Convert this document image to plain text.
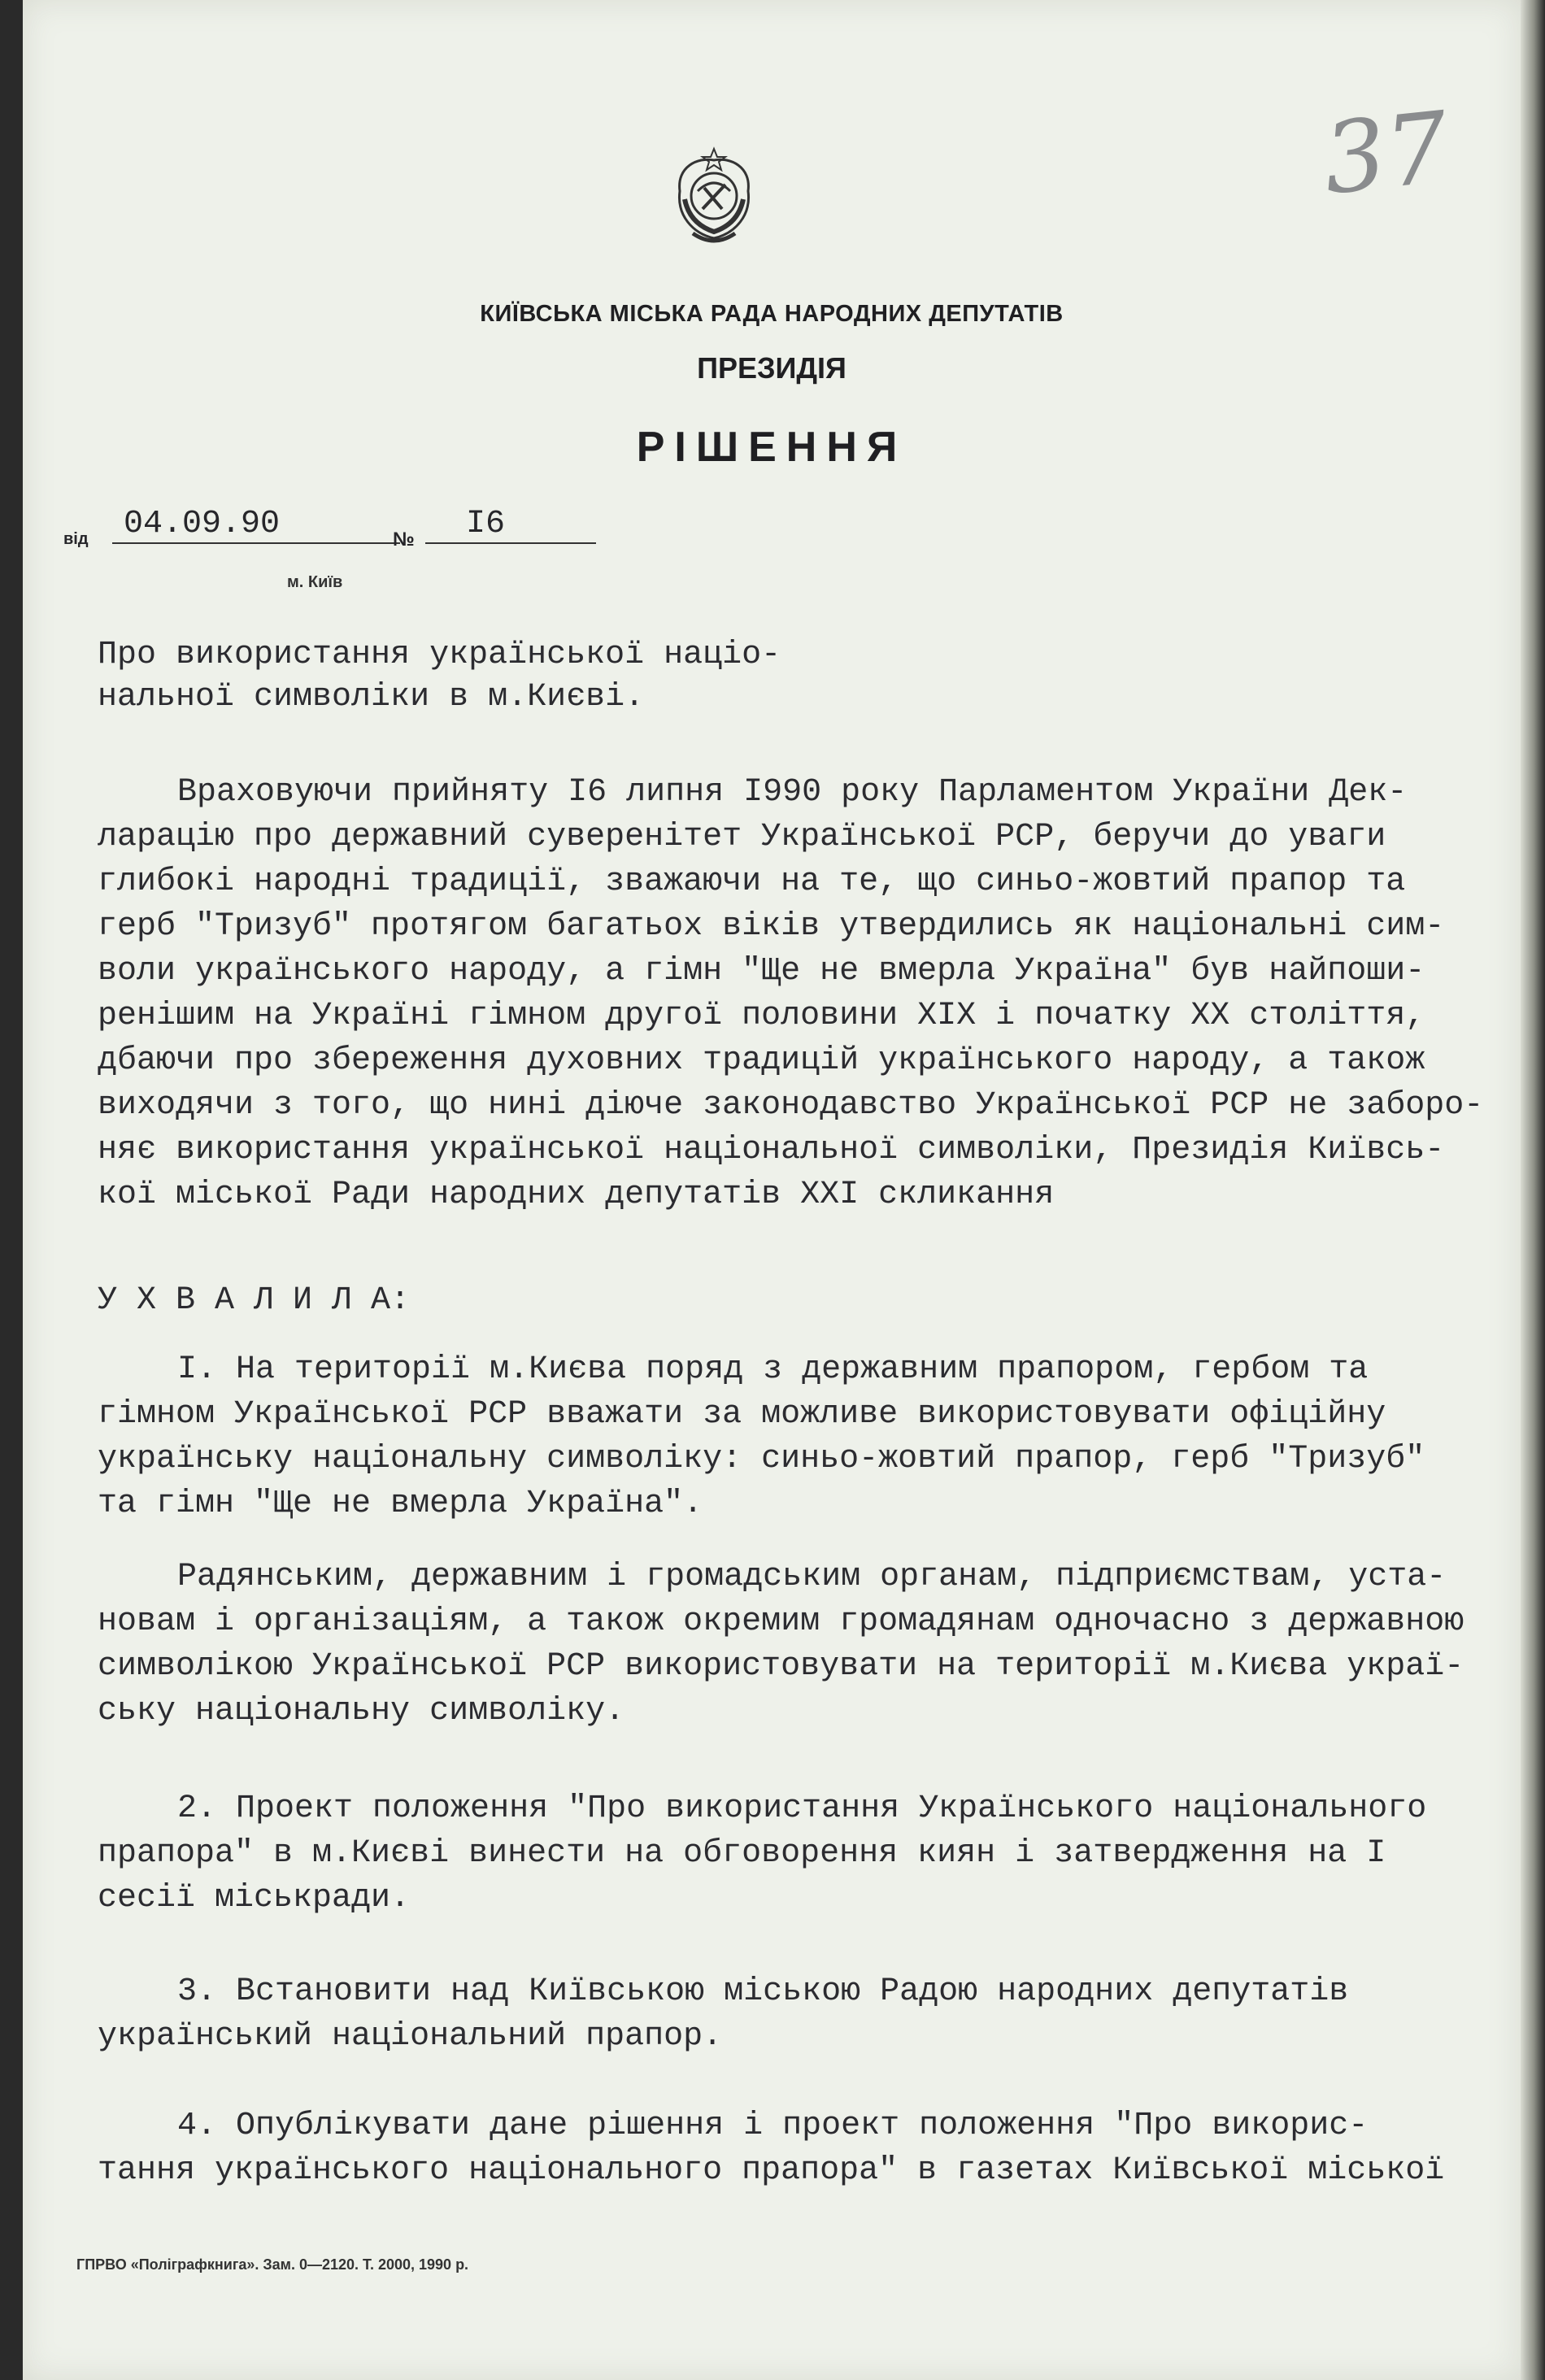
37
КИЇВСЬКА МІСЬКА РАДА НАРОДНИХ ДЕПУТАТІВ
ПРЕЗИДІЯ
РІШЕННЯ
від	04.09.90	№	I6
м. Київ
Про використання української націо-
нальної символіки в м.Києві.
Враховуючи прийняту I6 липня I990 року Парламентом України Дек-
ларацію про державний суверенітет Української РСР, беручи до уваги
глибокі народні традиції, зважаючи на те, що синьо-жовтий прапор та
герб "Тризуб" протягом багатьох віків утвердились як національні сим-
воли українського народу, а гімн "Ще не вмерла Україна" був найпоши-
ренішим на Україні гімном другої половини XIX і початку XX століття,
дбаючи про збереження духовних традицій українського народу, а також
виходячи з того, що нині діюче законодавство Української РСР не заборо-
няє використання української національної символіки, Президія Київсь-
кої міської Ради народних депутатів XXI скликання
У Х В А Л И Л А:
I. На території м.Києва поряд з державним прапором, гербом та
гімном Української РСР вважати за можливе використовувати офіційну
українську національну символіку: синьо-жовтий прапор, герб "Тризуб"
та гімн "Ще не вмерла Україна".
Радянським, державним і громадським органам, підприємствам, уста-
новам і організаціям, а також окремим громадянам одночасно з державною
символікою Української РСР використовувати на території м.Києва украї-
ську національну символіку.
2. Проект положення "Про використання Українського національного
прапора" в м.Києві винести на обговорення киян і затвердження на I
сесії міськради.
3. Встановити над Київською міською Радою народних депутатів
український національний прапор.
4. Опублікувати дане рішення і проект положення "Про викорис-
тання українського національного прапора" в газетах Київської міської
ГПРВО «Поліграфкнига». Зам. 0—2120. Т. 2000, 1990 р.
